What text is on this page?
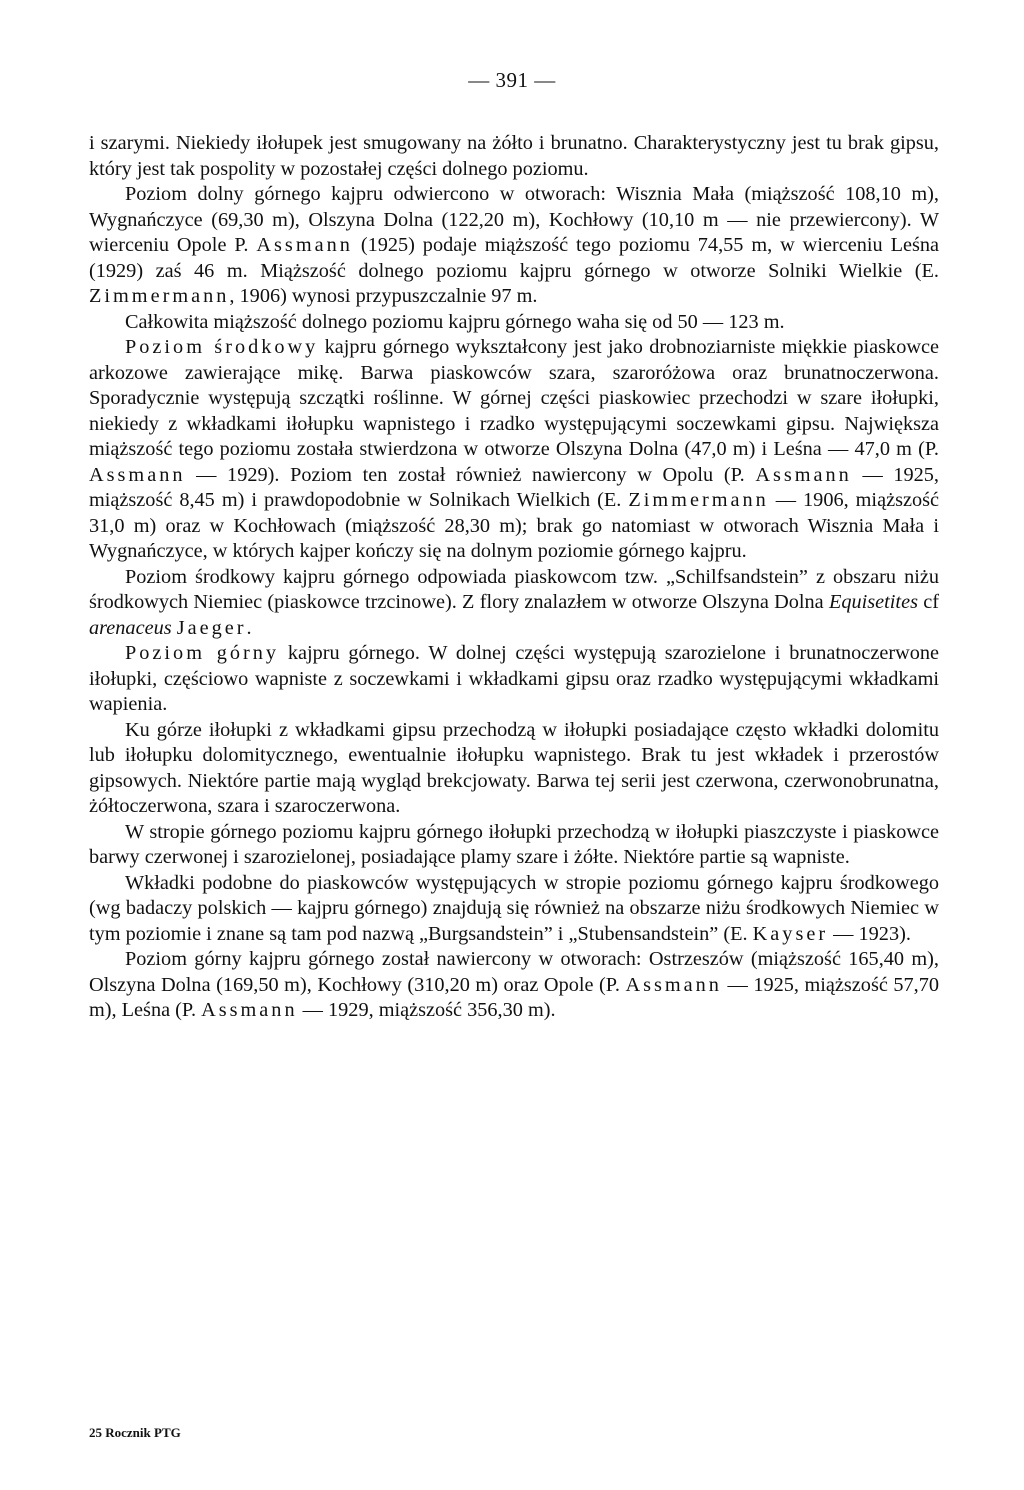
— 391 —

i szarymi. Niekiedy iłołupek jest smugowany na żółto i brunatno. Charakterystyczny jest tu brak gipsu, który jest tak pospolity w pozostałej części dolnego poziomu.

Poziom dolny górnego kajpru odwiercono w otworach: Wisznia Mała (miąższość 108,10 m), Wygnańczyce (69,30 m), Olszyna Dolna (122,20 m), Kochłowy (10,10 m — nie przewiercony). W wierceniu Opole P. Assmann (1925) podaje miąższość tego poziomu 74,55 m, w wierceniu Leśna (1929) zaś 46 m. Miąższość dolnego poziomu kajpru górnego w otworze Solniki Wielkie (E. Zimmermann, 1906) wynosi przypuszczalnie 97 m.

Całkowita miąższość dolnego poziomu kajpru górnego waha się od 50 — 123 m.

Poziom środkowy kajpru górnego wykształcony jest jako drobnoziarniste miękkie piaskowce arkozowe zawierające mikę. Barwa piaskowców szara, szaroróżowa oraz brunatnoczerwona. Sporadycznie występują szczątki roślinne. W górnej części piaskowiec przechodzi w szare iłołupki, niekiedy z wkładkami iłołupku wapnistego i rzadko występującymi soczewkami gipsu. Największa miąższość tego poziomu została stwierdzona w otworze Olszyna Dolna (47,0 m) i Leśna — 47,0 m (P. Assmann — 1929). Poziom ten został również nawiercony w Opolu (P. Assmann — 1925, miąższość 8,45 m) i prawdopodobnie w Solnikach Wielkich (E. Zimmermann — 1906, miąższość 31,0 m) oraz w Kochłowach (miąższość 28,30 m); brak go natomiast w otworach Wisznia Mała i Wygnańczyce, w których kajper kończy się na dolnym poziomie górnego kajpru.

Poziom środkowy kajpru górnego odpowiada piaskowcom tzw. „Schilfsandstein” z obszaru niżu środkowych Niemiec (piaskowce trzcinowe). Z flory znalazłem w otworze Olszyna Dolna Equisetites cf arenaceus Jaeger.

Poziom górny kajpru górnego. W dolnej części występują szarozielone i brunatnoczerwone iłołupki, częściowo wapniste z soczewkami i wkładkami gipsu oraz rzadko występującymi wkładkami wapienia.

Ku górze iłołupki z wkładkami gipsu przechodzą w iłołupki posiadające często wkładki dolomitu lub iłołupku dolomitycznego, ewentualnie iłołupku wapnistego. Brak tu jest wkładek i przerostów gipsowych. Niektóre partie mają wygląd brekcjowaty. Barwa tej serii jest czerwona, czerwonobrunatna, żółtoczerwona, szara i szaroczerwona.

W stropie górnego poziomu kajpru górnego iłołupki przechodzą w iłołupki piaszczyste i piaskowce barwy czerwonej i szarozielonej, posiadające plamy szare i żółte. Niektóre partie są wapniste.

Wkładki podobne do piaskowców występujących w stropie poziomu górnego kajpru środkowego (wg badaczy polskich — kajpru górnego) znajdują się również na obszarze niżu środkowych Niemiec w tym poziomie i znane są tam pod nazwą „Burgsandstein” i „Stubensandstein” (E. Kayser — 1923).

Poziom górny kajpru górnego został nawiercony w otworach: Ostrzeszów (miąższość 165,40 m), Olszyna Dolna (169,50 m), Kochłowy (310,20 m) oraz Opole (P. Assmann — 1925, miąższość 57,70 m), Leśna (P. Assmann — 1929, miąższość 356,30 m).

25 Rocznik PTG
